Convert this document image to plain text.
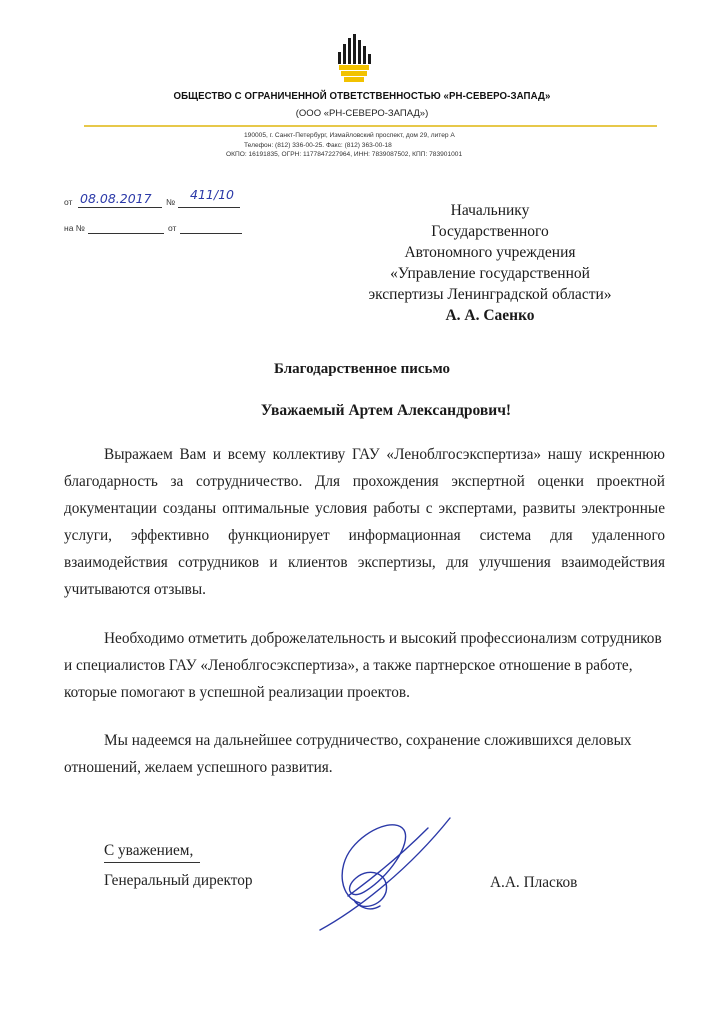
ОБЩЕСТВО С ОГРАНИЧЕННОЙ ОТВЕТСТВЕННОСТЬЮ «РН-СЕВЕРО-ЗАПАД»
(ООО «РН-СЕВЕРО-ЗАПАД»)
190005, г. Санкт-Петербург, Измайловский проспект, дом 29, литер А
Телефон: (812) 336-00-25. Факс: (812) 363-00-18
ОКПО: 16191835, ОГРН: 1177847227964, ИНН: 7839087502, КПП: 783901001
от 08.08.2017 № 411/10
на №	от
Начальнику
Государственного
Автономного учреждения
«Управление государственной
экспертизы Ленинградской области»
А. А. Саенко
Благодарственное письмо
Уважаемый Артем Александрович!
Выражаем Вам и всему коллективу ГАУ «Леноблгосэкспертиза» нашу искреннюю благодарность за сотрудничество. Для прохождения экспертной оценки проектной документации созданы оптимальные условия работы с экспертами, развиты электронные услуги, эффективно функционирует информационная система для удаленного взаимодействия сотрудников и клиентов экспертизы, для улучшения взаимодействия учитываются отзывы.
Необходимо отметить доброжелательность и высокий профессионализм сотрудников и специалистов ГАУ «Леноблгосэкспертиза», а также партнерское отношение в работе, которые помогают в успешной реализации проектов.
Мы надеемся на дальнейшее сотрудничество, сохранение сложившихся деловых отношений, желаем успешного развития.
С уважением,
Генеральный директор	А.А. Пласков
